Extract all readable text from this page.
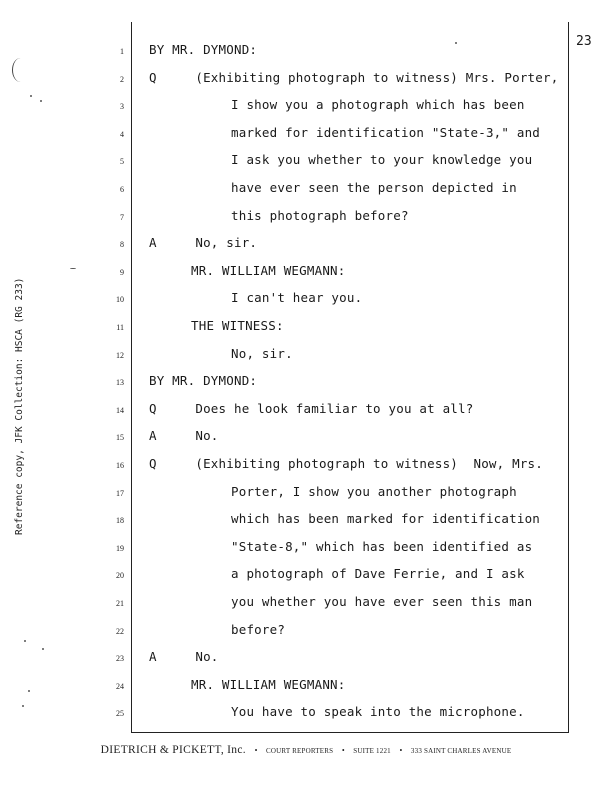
Reference copy, JFK Collection: HSCA (RG 233)
23
1 BY MR. DYMOND:
2 Q     (Exhibiting photograph to witness) Mrs. Porter,
3	I show you a photograph which has been
4	marked for identification "State-3," and
5	I ask you whether to your knowledge you
6	have ever seen the person depicted in
7	this photograph before?
8 A     No, sir.
9	MR. WILLIAM WEGMANN:
10	I can't hear you.
11	THE WITNESS:
12	No, sir.
13 BY MR. DYMOND:
14 Q     Does he look familiar to you at all?
15 A     No.
16 Q     (Exhibiting photograph to witness)  Now, Mrs.
17	Porter, I show you another photograph
18	which has been marked for identification
19	"State-8," which has been identified as
20	a photograph of Dave Ferrie, and I ask
21	you whether you have ever seen this man
22	before?
23 A     No.
24	MR. WILLIAM WEGMANN:
25	You have to speak into the microphone.
DIETRICH & PICKETT, Inc. • COURT REPORTERS • SUITE 1221 • 333 SAINT CHARLES AVENUE
